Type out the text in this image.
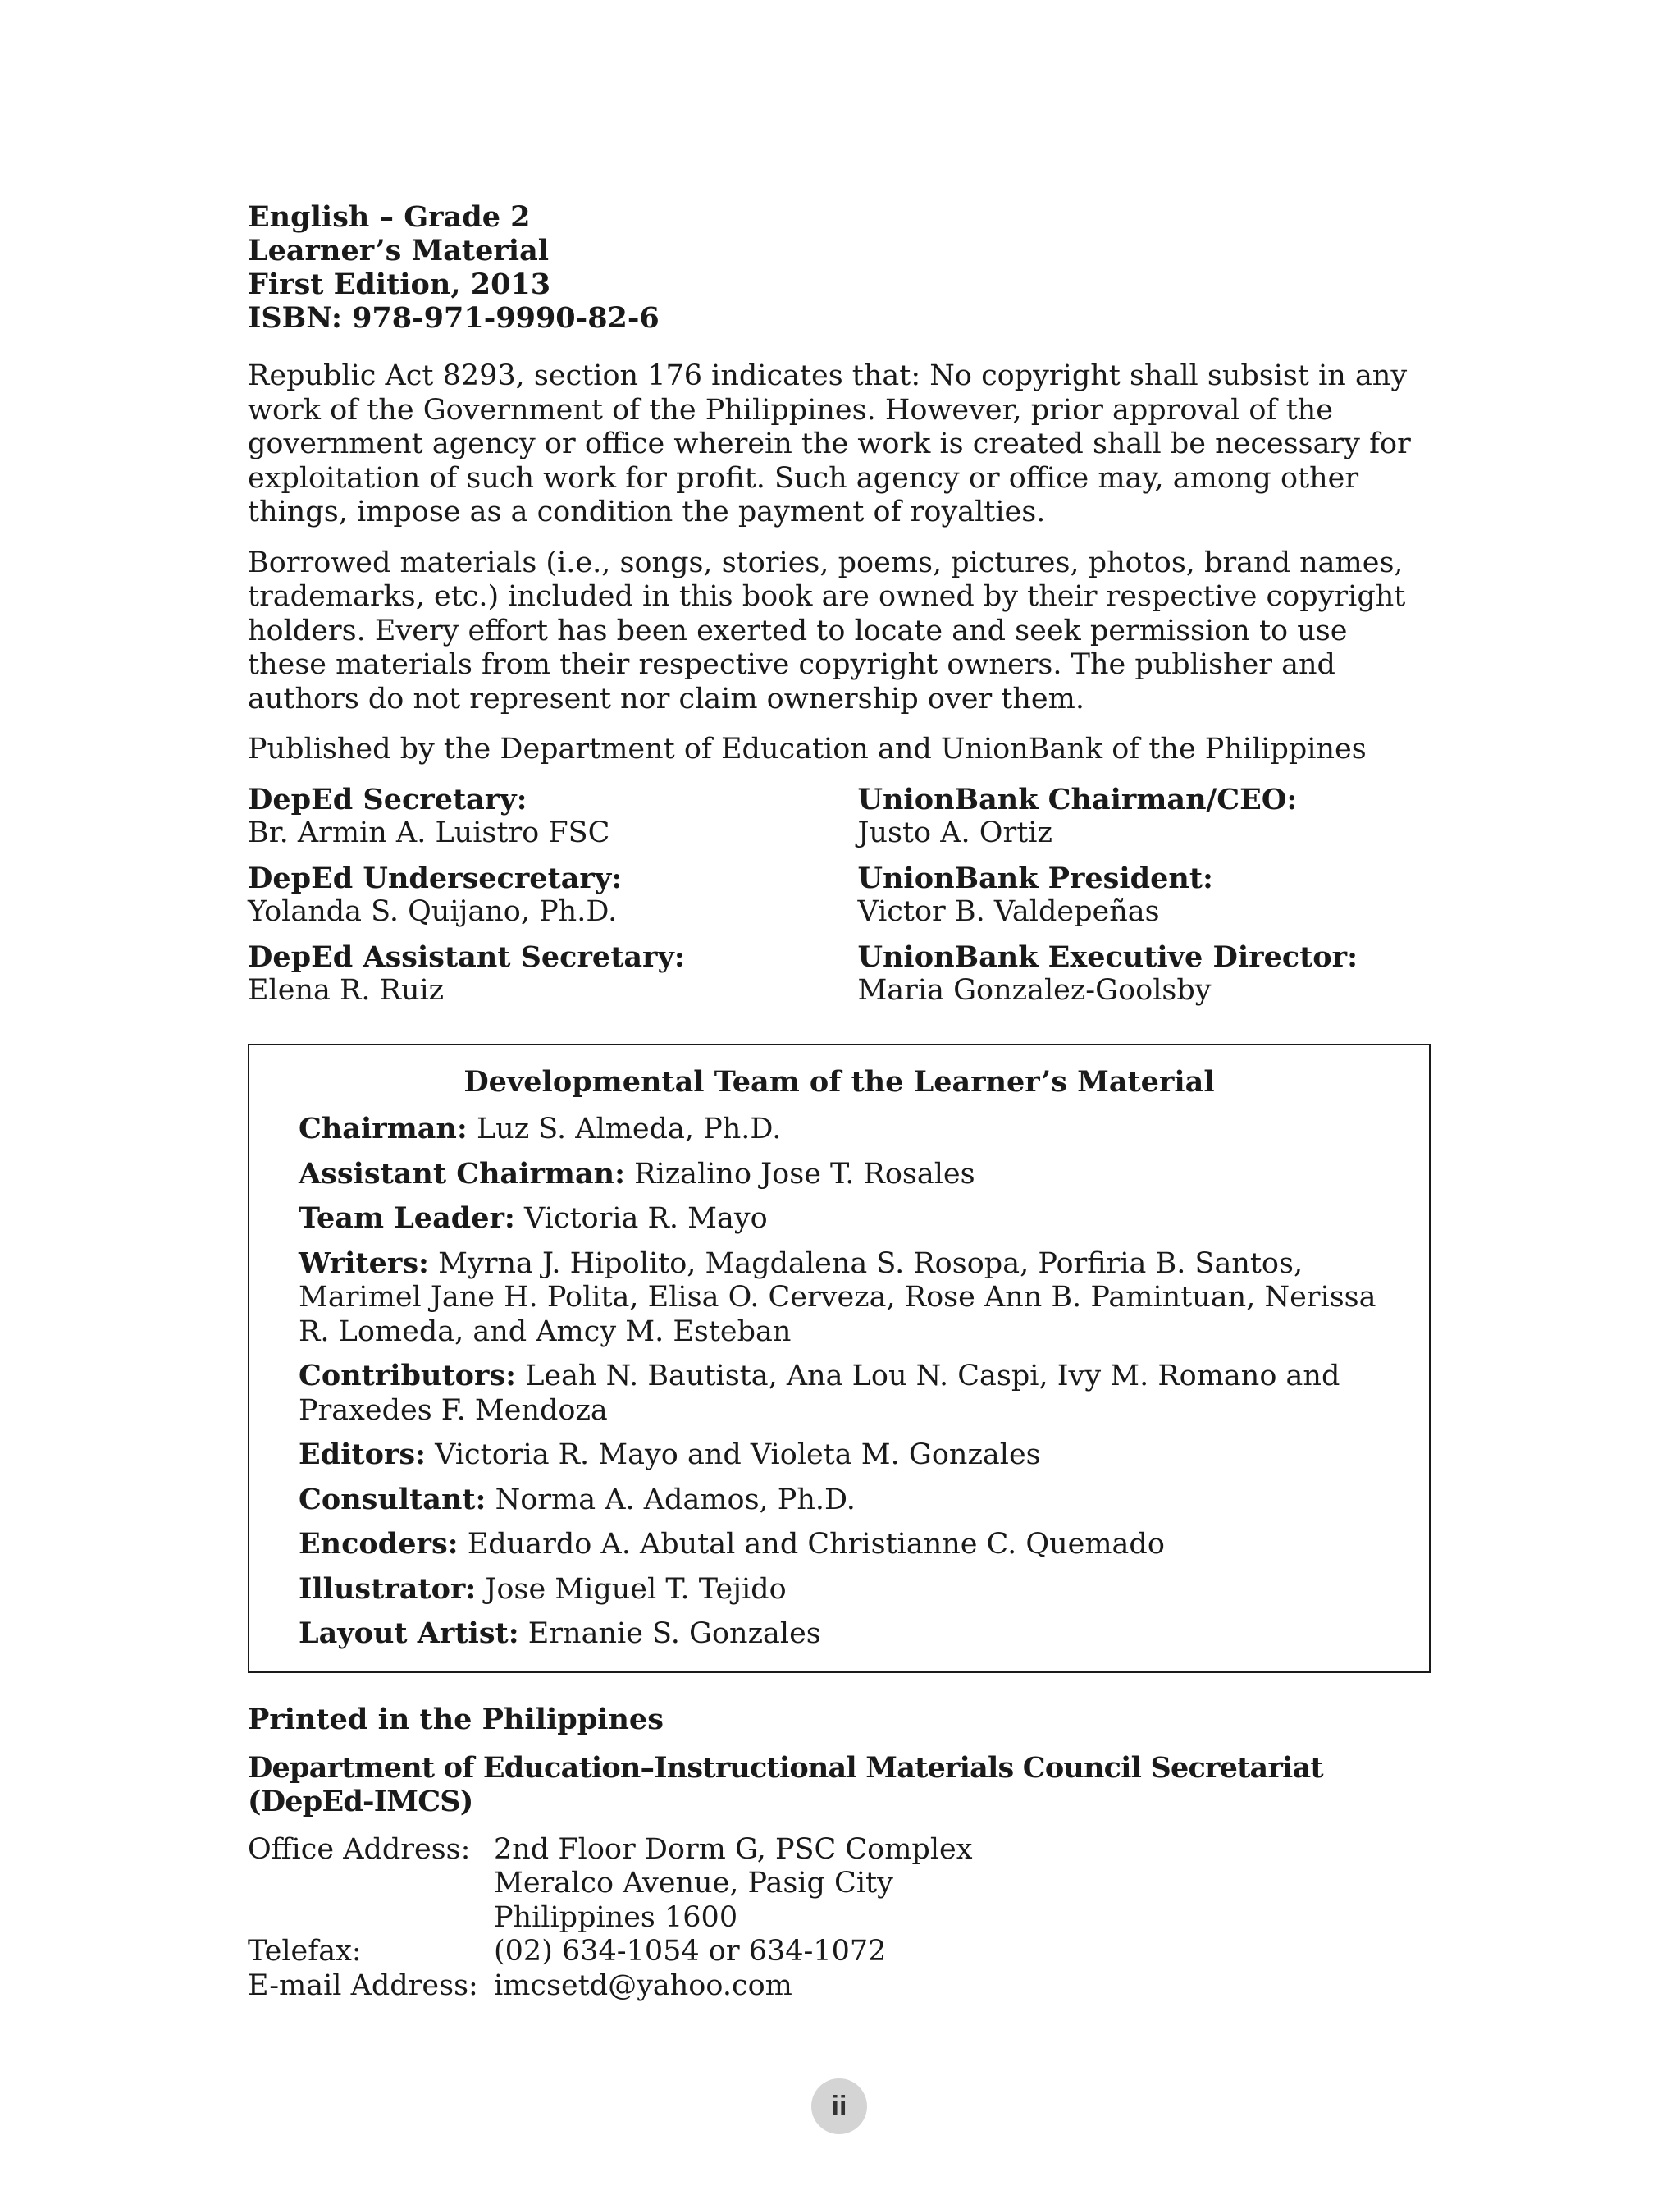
English – Grade 2
Learner’s Material
First Edition, 2013
ISBN: 978-971-9990-82-6
Republic Act 8293, section 176 indicates that: No copyright shall subsist in any work of the Government of the Philippines. However, prior approval of the government agency or office wherein the work is created shall be necessary for exploitation of such work for profit. Such agency or office may, among other things, impose as a condition the payment of royalties.
Borrowed materials (i.e., songs, stories, poems, pictures, photos, brand names, trademarks, etc.) included in this book are owned by their respective copyright holders. Every effort has been exerted to locate and seek permission to use these materials from their respective copyright owners. The publisher and authors do not represent nor claim ownership over them.
Published by the Department of Education and UnionBank of the Philippines
DepEd Secretary:
Br. Armin A. Luistro FSC
DepEd Undersecretary:
Yolanda S. Quijano, Ph.D.
DepEd Assistant Secretary:
Elena R. Ruiz
UnionBank Chairman/CEO:
Justo A. Ortiz
UnionBank President:
Victor B. Valdepeñas
UnionBank Executive Director:
Maria Gonzalez-Goolsby
Developmental Team of the Learner’s Material
Chairman: Luz S. Almeda, Ph.D.
Assistant Chairman: Rizalino Jose T. Rosales
Team Leader: Victoria R. Mayo
Writers: Myrna J. Hipolito, Magdalena S. Rosopa, Porfiria B. Santos, Marimel Jane H. Polita, Elisa O. Cerveza, Rose Ann B. Pamintuan, Nerissa R. Lomeda, and Amcy M. Esteban
Contributors: Leah N. Bautista, Ana Lou N. Caspi, Ivy M. Romano and Praxedes F. Mendoza
Editors: Victoria R. Mayo and Violeta M. Gonzales
Consultant: Norma A. Adamos, Ph.D.
Encoders: Eduardo A. Abutal and Christianne C. Quemado
Illustrator: Jose Miguel T. Tejido
Layout Artist: Ernanie S. Gonzales
Printed in the Philippines
Department of Education–Instructional Materials Council Secretariat
(DepEd-IMCS)
Office Address: 2nd Floor Dorm G, PSC Complex
Meralco Avenue, Pasig City
Philippines 1600
Telefax:	(02) 634-1054 or 634-1072
E-mail Address: imcsetd@yahoo.com
ii
